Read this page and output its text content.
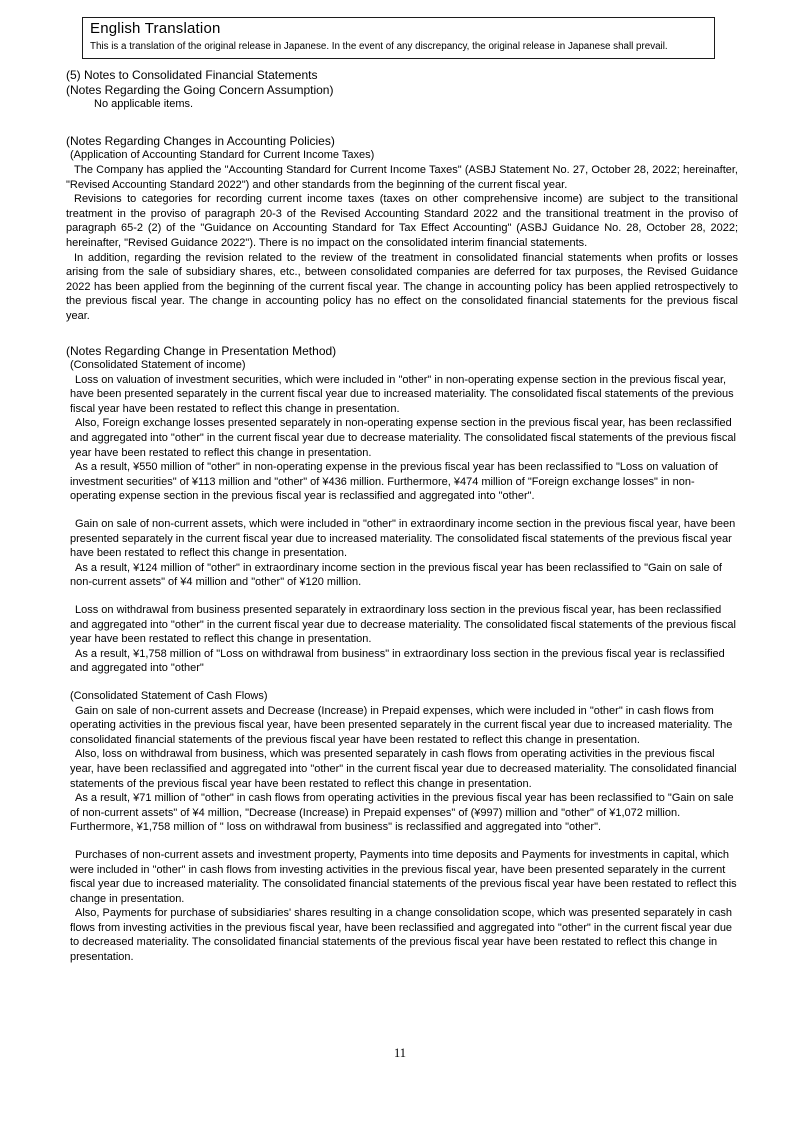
English Translation
This is a translation of the original release in Japanese. In the event of any discrepancy, the original release in Japanese shall prevail.
(5) Notes to Consolidated Financial Statements
(Notes Regarding the Going Concern Assumption)
No applicable items.
(Notes Regarding Changes in Accounting Policies)
(Application of Accounting Standard for Current Income Taxes)

The Company has applied the "Accounting Standard for Current Income Taxes" (ASBJ Statement No. 27, October 28, 2022; hereinafter, "Revised Accounting Standard 2022") and other standards from the beginning of the current fiscal year.

Revisions to categories for recording current income taxes (taxes on other comprehensive income) are subject to the transitional treatment in the proviso of paragraph 20-3 of the Revised Accounting Standard 2022 and the transitional treatment in the proviso of paragraph 65-2 (2) of the "Guidance on Accounting Standard for Tax Effect Accounting" (ASBJ Guidance No. 28, October 28, 2022; hereinafter, "Revised Guidance 2022"). There is no impact on the consolidated interim financial statements.

In addition, regarding the revision related to the review of the treatment in consolidated financial statements when profits or losses arising from the sale of subsidiary shares, etc., between consolidated companies are deferred for tax purposes, the Revised Guidance 2022 has been applied from the beginning of the current fiscal year. The change in accounting policy has been applied retrospectively to the previous fiscal year. The change in accounting policy has no effect on the consolidated financial statements for the previous fiscal year.

(Notes Regarding Change in Presentation Method)
(Consolidated Statement of income)

Loss on valuation of investment securities, which were included in "other" in non-operating expense section in the previous fiscal year, have been presented separately in the current fiscal year due to increased materiality. The consolidated fiscal statements of the previous fiscal year have been restated to reflect this change in presentation.

Also, Foreign exchange losses presented separately in non-operating expense section in the previous fiscal year, has been reclassified and aggregated into "other" in the current fiscal year due to decrease materiality. The consolidated fiscal statements of the previous fiscal year have been restated to reflect this change in presentation.

As a result, ¥550 million of "other" in non-operating expense in the previous fiscal year has been reclassified to "Loss on valuation of investment securities" of ¥113 million and "other" of ¥436 million. Furthermore, ¥474 million of "Foreign exchange losses" in non-operating expense section in the previous fiscal year is reclassified and aggregated into "other".

Gain on sale of non-current assets, which were included in "other" in extraordinary income section in the previous fiscal year, have been presented separately in the current fiscal year due to increased materiality. The consolidated fiscal statements of the previous fiscal year have been restated to reflect this change in presentation.

As a result, ¥124 million of "other" in extraordinary income section in the previous fiscal year has been reclassified to "Gain on sale of non-current assets" of ¥4 million and "other" of ¥120 million.

Loss on withdrawal from business presented separately in extraordinary loss section in the previous fiscal year, has been reclassified and aggregated into "other" in the current fiscal year due to decrease materiality. The consolidated fiscal statements of the previous fiscal year have been restated to reflect this change in presentation.

As a result, ¥1,758 million of "Loss on withdrawal from business" in extraordinary loss section in the previous fiscal year is reclassified and aggregated into "other"

(Consolidated Statement of Cash Flows)

Gain on sale of non-current assets and Decrease (Increase) in Prepaid expenses, which were included in "other" in cash flows from operating activities in the previous fiscal year, have been presented separately in the current fiscal year due to increased materiality. The consolidated financial statements of the previous fiscal year have been restated to reflect this change in presentation.

Also, loss on withdrawal from business, which was presented separately in cash flows from operating activities in the previous fiscal year, have been reclassified and aggregated into "other" in the current fiscal year due to decreased materiality. The consolidated financial statements of the previous fiscal year have been restated to reflect this change in presentation.

As a result, ¥71 million of "other" in cash flows from operating activities in the previous fiscal year has been reclassified to "Gain on sale of non-current assets" of ¥4 million, "Decrease (Increase) in Prepaid expenses" of (¥997) million and "other" of ¥1,072 million. Furthermore, ¥1,758 million of " loss on withdrawal from business" is reclassified and aggregated into "other".

Purchases of non-current assets and investment property, Payments into time deposits and Payments for investments in capital, which were included in "other" in cash flows from investing activities in the previous fiscal year, have been presented separately in the current fiscal year due to increased materiality. The consolidated financial statements of the previous fiscal year have been restated to reflect this change in presentation.

Also, Payments for purchase of subsidiaries' shares resulting in a change consolidation scope, which was presented separately in cash flows from investing activities in the previous fiscal year, have been reclassified and aggregated into "other" in the current fiscal year due to decreased materiality. The consolidated financial statements of the previous fiscal year have been restated to reflect this change in presentation.

11
